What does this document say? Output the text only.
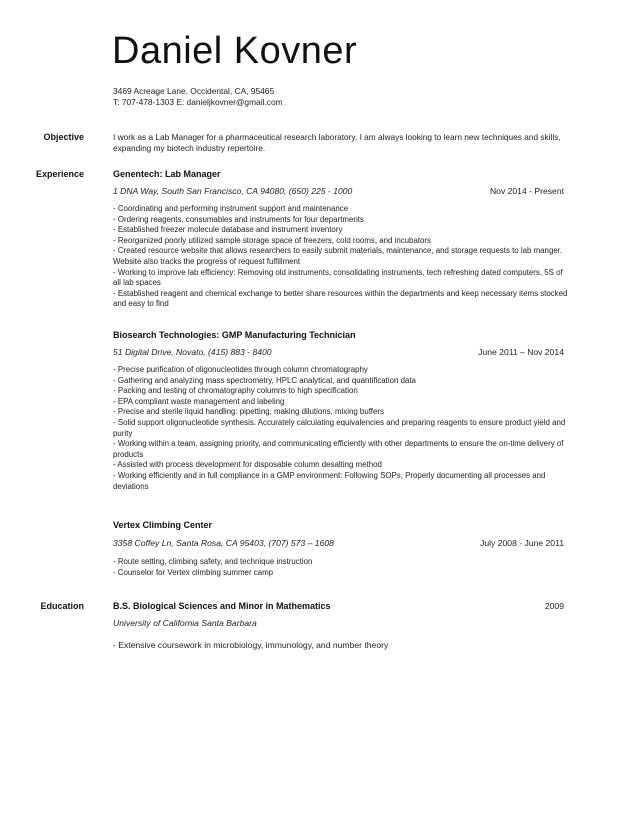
Daniel Kovner
3469 Acreage Lane, Occidental, CA, 95465
T: 707-478-1303 E: danieljkovner@gmail.com
Objective	I work as a Lab Manager for a pharmaceutical research laboratory. I am always looking to learn new techniques and skills, expanding my biotech industry repertoire.
Experience	Genentech: Lab Manager
1 DNA Way, South San Francisco, CA 94080, (650) 225 - 1000	Nov 2014 - Present
- Coordinating and performing instrument support and maintenance
- Ordering reagents, consumables and instruments for four departments
- Established freezer molecule database and instrument inventory
- Reorganized poorly utilized sample storage space of freezers, cold rooms, and incubators
- Created resource website that allows researchers to easily submit materials, maintenance, and storage requests to lab manger. Website also tracks the progress of request fulfillment
- Working to improve lab efficiency: Removing old instruments, consolidating instruments, tech refreshing dated computers, 5S of all lab spaces
- Established reagent and chemical exchange to better share resources within the departments and keep necessary items stocked and easy to find
Biosearch Technologies: GMP Manufacturing Technician
51 Digital Drive, Novato, (415) 883 - 8400	June 2011 – Nov 2014
- Precise purification of oligonucleotides through column chromatography
- Gathering and analyzing mass spectrometry, HPLC analytical, and quantification data
- Packing and testing of chromatography columns to high specification
- EPA compliant waste management and labeling
- Precise and sterile liquid handling: pipetting, making dilutions, mixing buffers
- Solid support oligonucleotide synthesis. Accurately calculating equivalencies and preparing reagents to ensure product yield and purity
- Working within a team, assigning priority, and communicating efficiently with other departments to ensure the on-time delivery of products
- Assisted with process development for disposable column desalting method
- Working efficiently and in full compliance in a GMP environment: Following SOPs, Properly documenting all processes and deviations
Vertex Climbing Center
3358 Coffey Ln, Santa Rosa, CA 95403, (707) 573 – 1608	July 2008 - June 2011
- Route setting, climbing safety, and technique instruction
- Counselor for Vertex climbing summer camp
Education	B.S. Biological Sciences and Minor in Mathematics	2009
University of California Santa Barbara
- Extensive coursework in microbiology, immunology, and number theory
